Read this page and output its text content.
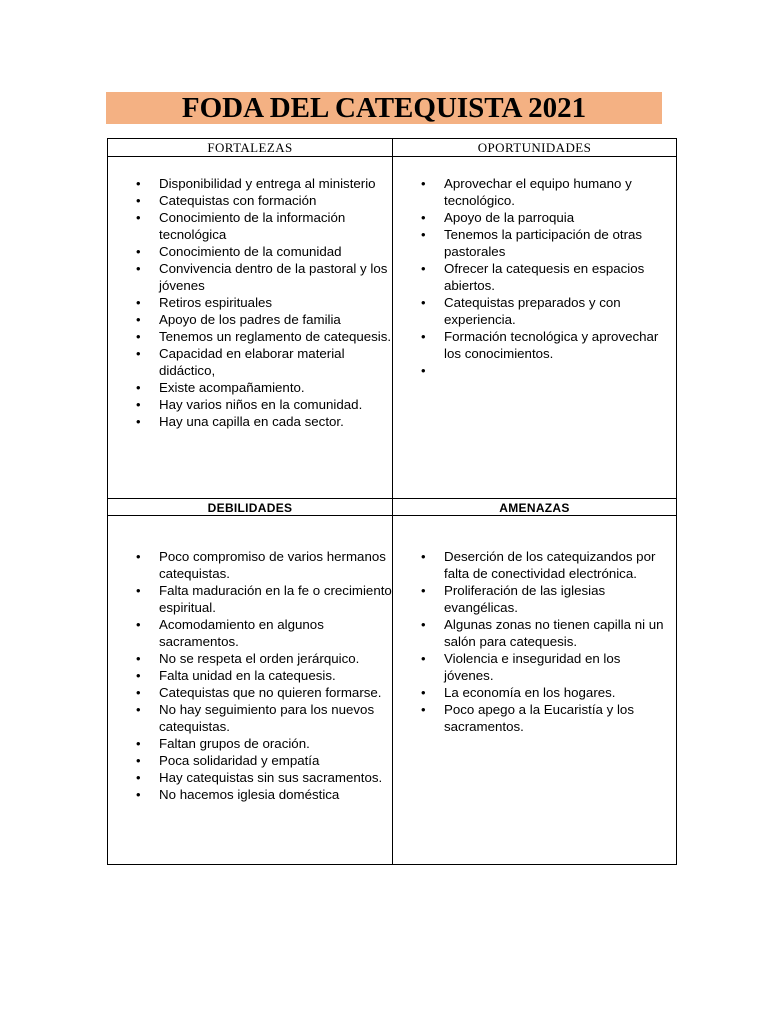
FODA DEL CATEQUISTA 2021
FORTALEZAS	OPORTUNIDADES
DEBILIDADES	AMENAZAS
• Disponibilidad y entrega al ministerio
• Catequistas con formación
• Conocimiento de la información tecnológica
• Conocimiento de la comunidad
• Convivencia dentro de la pastoral y los jóvenes
• Retiros espirituales
• Apoyo de los padres de familia
• Tenemos un reglamento de catequesis.
• Capacidad en elaborar material didáctico,
• Existe acompañamiento.
• Hay varios niños en la comunidad.
• Hay una capilla en cada sector.
• Aprovechar el equipo humano y tecnológico.
• Apoyo de la parroquia
• Tenemos la participación de otras pastorales
• Ofrecer la catequesis en espacios abiertos.
• Catequistas preparados y con experiencia.
• Formación tecnológica y aprovechar los conocimientos.
•
• Poco compromiso de varios hermanos catequistas.
• Falta maduración en la fe o crecimiento espiritual.
• Acomodamiento en algunos sacramentos.
• No se respeta el orden jerárquico.
• Falta unidad en la catequesis.
• Catequistas que no quieren formarse.
• No hay seguimiento para los nuevos catequistas.
• Faltan grupos de oración.
• Poca solidaridad y empatía
• Hay catequistas sin sus sacramentos.
• No hacemos iglesia doméstica
• Deserción de los catequizandos por falta de conectividad electrónica.
• Proliferación de las iglesias evangélicas.
• Algunas zonas no tienen capilla ni un salón para catequesis.
• Violencia e inseguridad en los jóvenes.
• La economía en los hogares.
• Poco apego a la Eucaristía y los sacramentos.
